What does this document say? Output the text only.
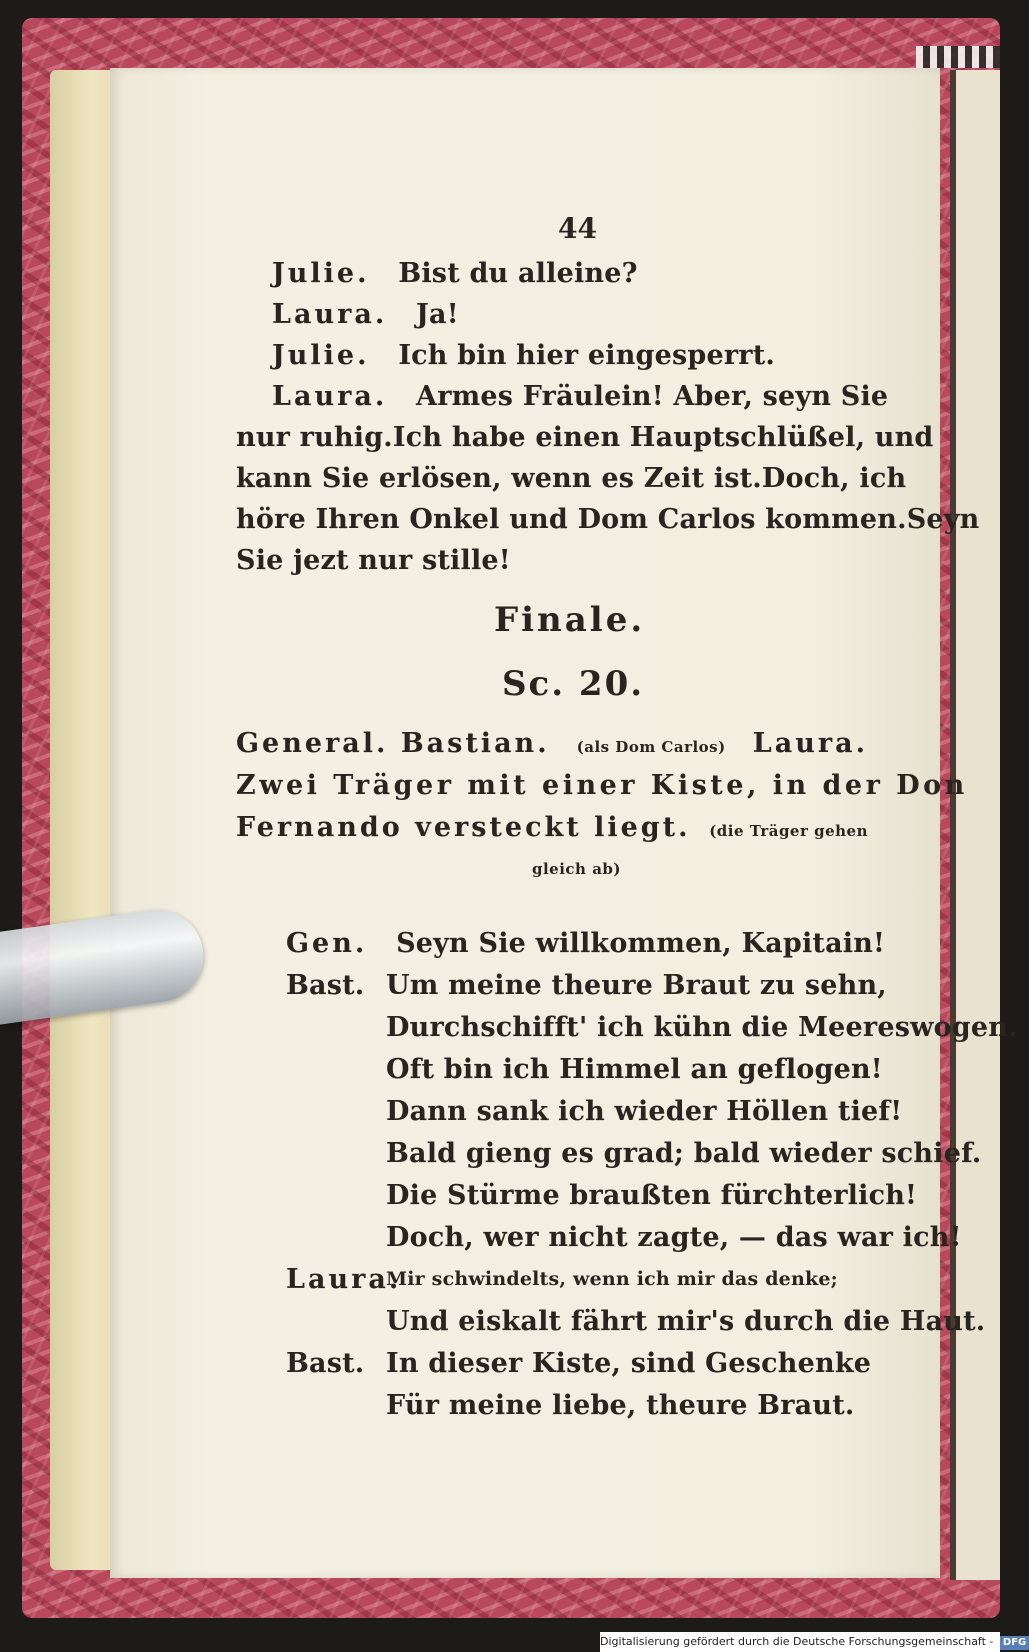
44
Julie. Bist du alleine?
Laura. Ja!
Julie. Ich bin hier eingesperrt.
Laura. Armes Fräulein! Aber, seyn Sie
nur ruhig. Ich habe einen Hauptschlüßel, und
kann Sie erlösen, wenn es Zeit ist. Doch, ich
höre Ihren Onkel und Dom Carlos kommen. Seyn
Sie jezt nur stille!
Finale.
Sc. 20.
General. Bastian. (als Dom Carlos) Laura.
Zwei Träger mit einer Kiste, in der Don
Fernando versteckt liegt. (die Träger gehen
gleich ab)
Gen. Seyn Sie willkommen, Kapitain!
Bast. Um meine theure Braut zu sehn,
Durchschifft' ich kühn die Meereswogen.
Oft bin ich Himmel an geflogen!
Dann sank ich wieder Höllen tief!
Bald gieng es grad; bald wieder schief.
Die Stürme braußten fürchterlich!
Doch, wer nicht zagte, — das war ich!
Laura.
Mir schwindelts, wenn ich mir das denke;
Und eiskalt fährt mir's durch die Haut.
Bast. In dieser Kiste, sind Geschenke
Für meine liebe, theure Braut.
Digitalisierung gefördert durch die Deutsche Forschungsgemeinschaft - DFG
